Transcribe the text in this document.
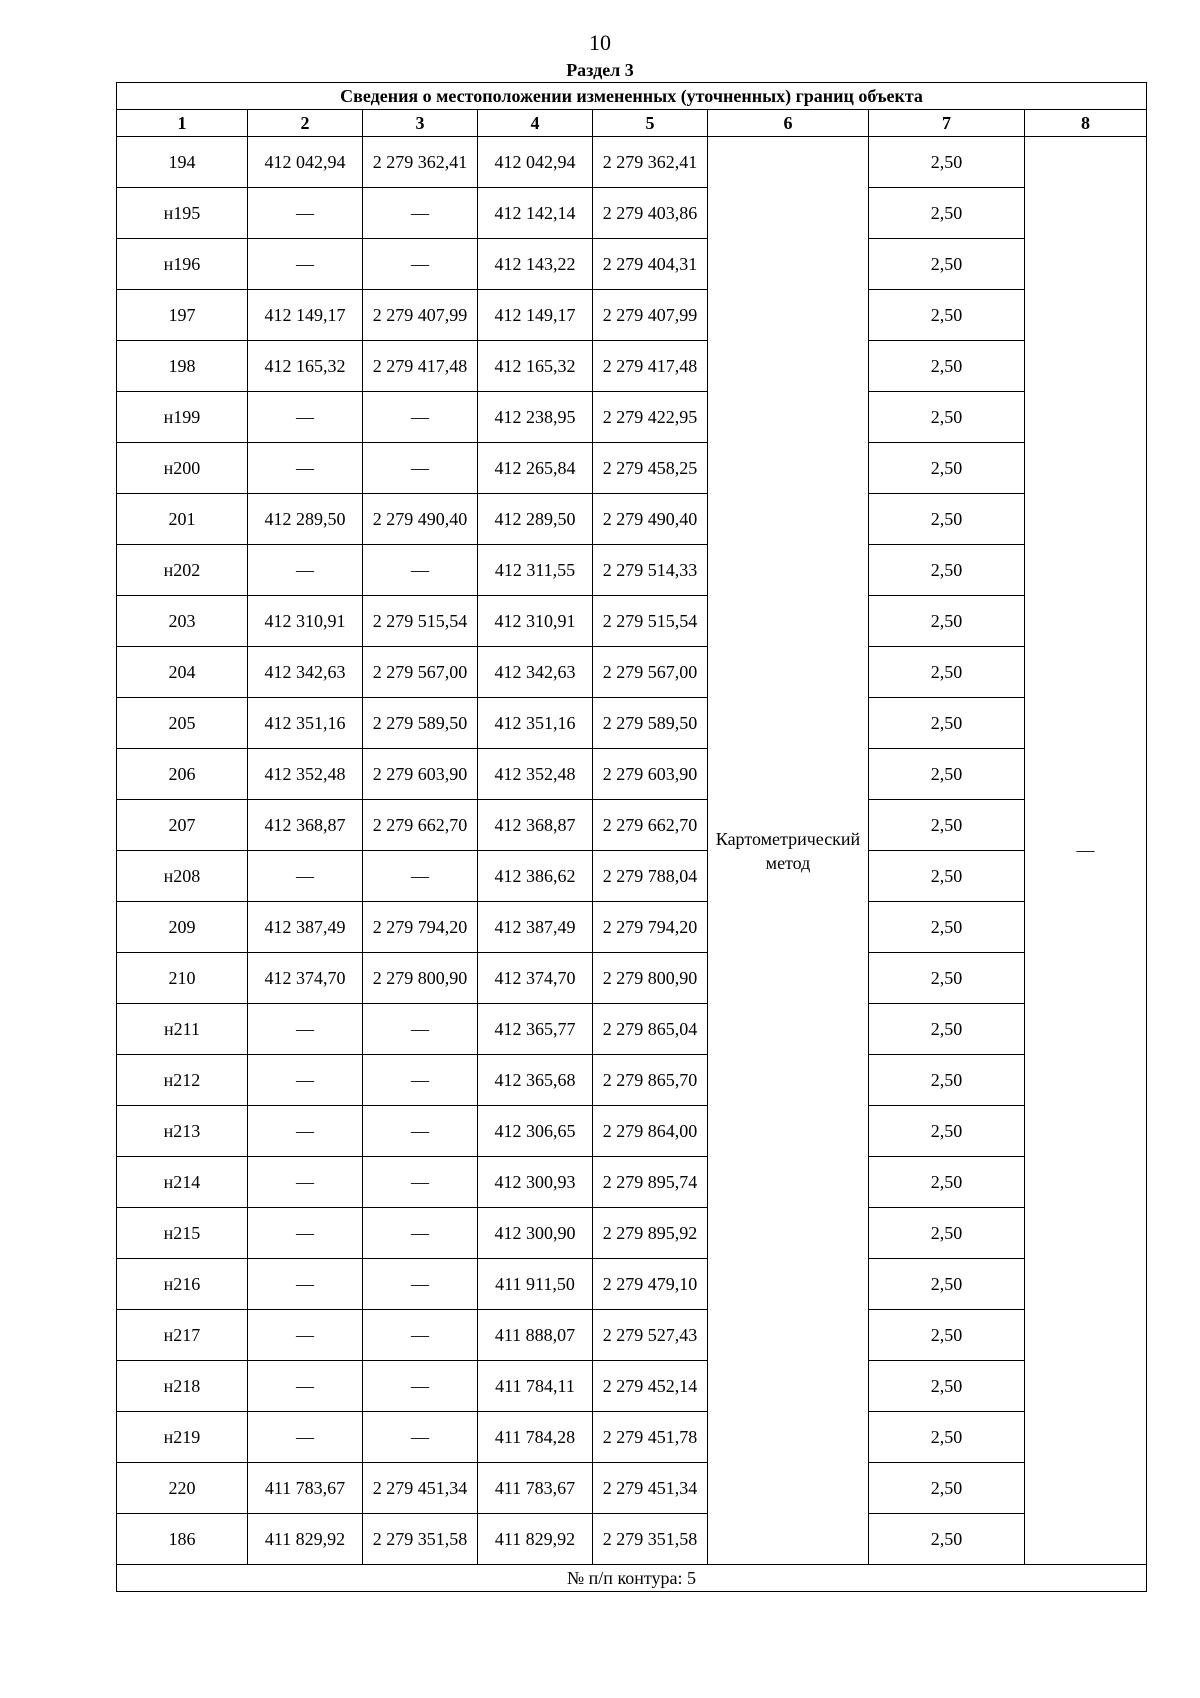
10
Раздел 3
Сведения о местоположении измененных (уточненных) границ объекта							
1	2	3	4	5	6	7	8
194	412 042,94	2 279 362,41	412 042,94	2 279 362,41	Картометрический метод	2,50	—
н195	—	—	412 142,14	2 279 403,86		2,50	
н196	—	—	412 143,22	2 279 404,31		2,50	
197	412 149,17	2 279 407,99	412 149,17	2 279 407,99		2,50	
198	412 165,32	2 279 417,48	412 165,32	2 279 417,48		2,50	
н199	—	—	412 238,95	2 279 422,95		2,50	
н200	—	—	412 265,84	2 279 458,25		2,50	
201	412 289,50	2 279 490,40	412 289,50	2 279 490,40		2,50	
н202	—	—	412 311,55	2 279 514,33		2,50	
203	412 310,91	2 279 515,54	412 310,91	2 279 515,54		2,50	
204	412 342,63	2 279 567,00	412 342,63	2 279 567,00		2,50	
205	412 351,16	2 279 589,50	412 351,16	2 279 589,50		2,50	
206	412 352,48	2 279 603,90	412 352,48	2 279 603,90		2,50	
207	412 368,87	2 279 662,70	412 368,87	2 279 662,70		2,50	
н208	—	—	412 386,62	2 279 788,04		2,50	
209	412 387,49	2 279 794,20	412 387,49	2 279 794,20		2,50	
210	412 374,70	2 279 800,90	412 374,70	2 279 800,90		2,50	
н211	—	—	412 365,77	2 279 865,04		2,50	
н212	—	—	412 365,68	2 279 865,70		2,50	
н213	—	—	412 306,65	2 279 864,00		2,50	
н214	—	—	412 300,93	2 279 895,74		2,50	
н215	—	—	412 300,90	2 279 895,92		2,50	
н216	—	—	411 911,50	2 279 479,10		2,50	
н217	—	—	411 888,07	2 279 527,43		2,50	
н218	—	—	411 784,11	2 279 452,14		2,50	
н219	—	—	411 784,28	2 279 451,78		2,50	
220	411 783,67	2 279 451,34	411 783,67	2 279 451,34		2,50	
186	411 829,92	2 279 351,58	411 829,92	2 279 351,58		2,50	
№ п/п контура: 5							
